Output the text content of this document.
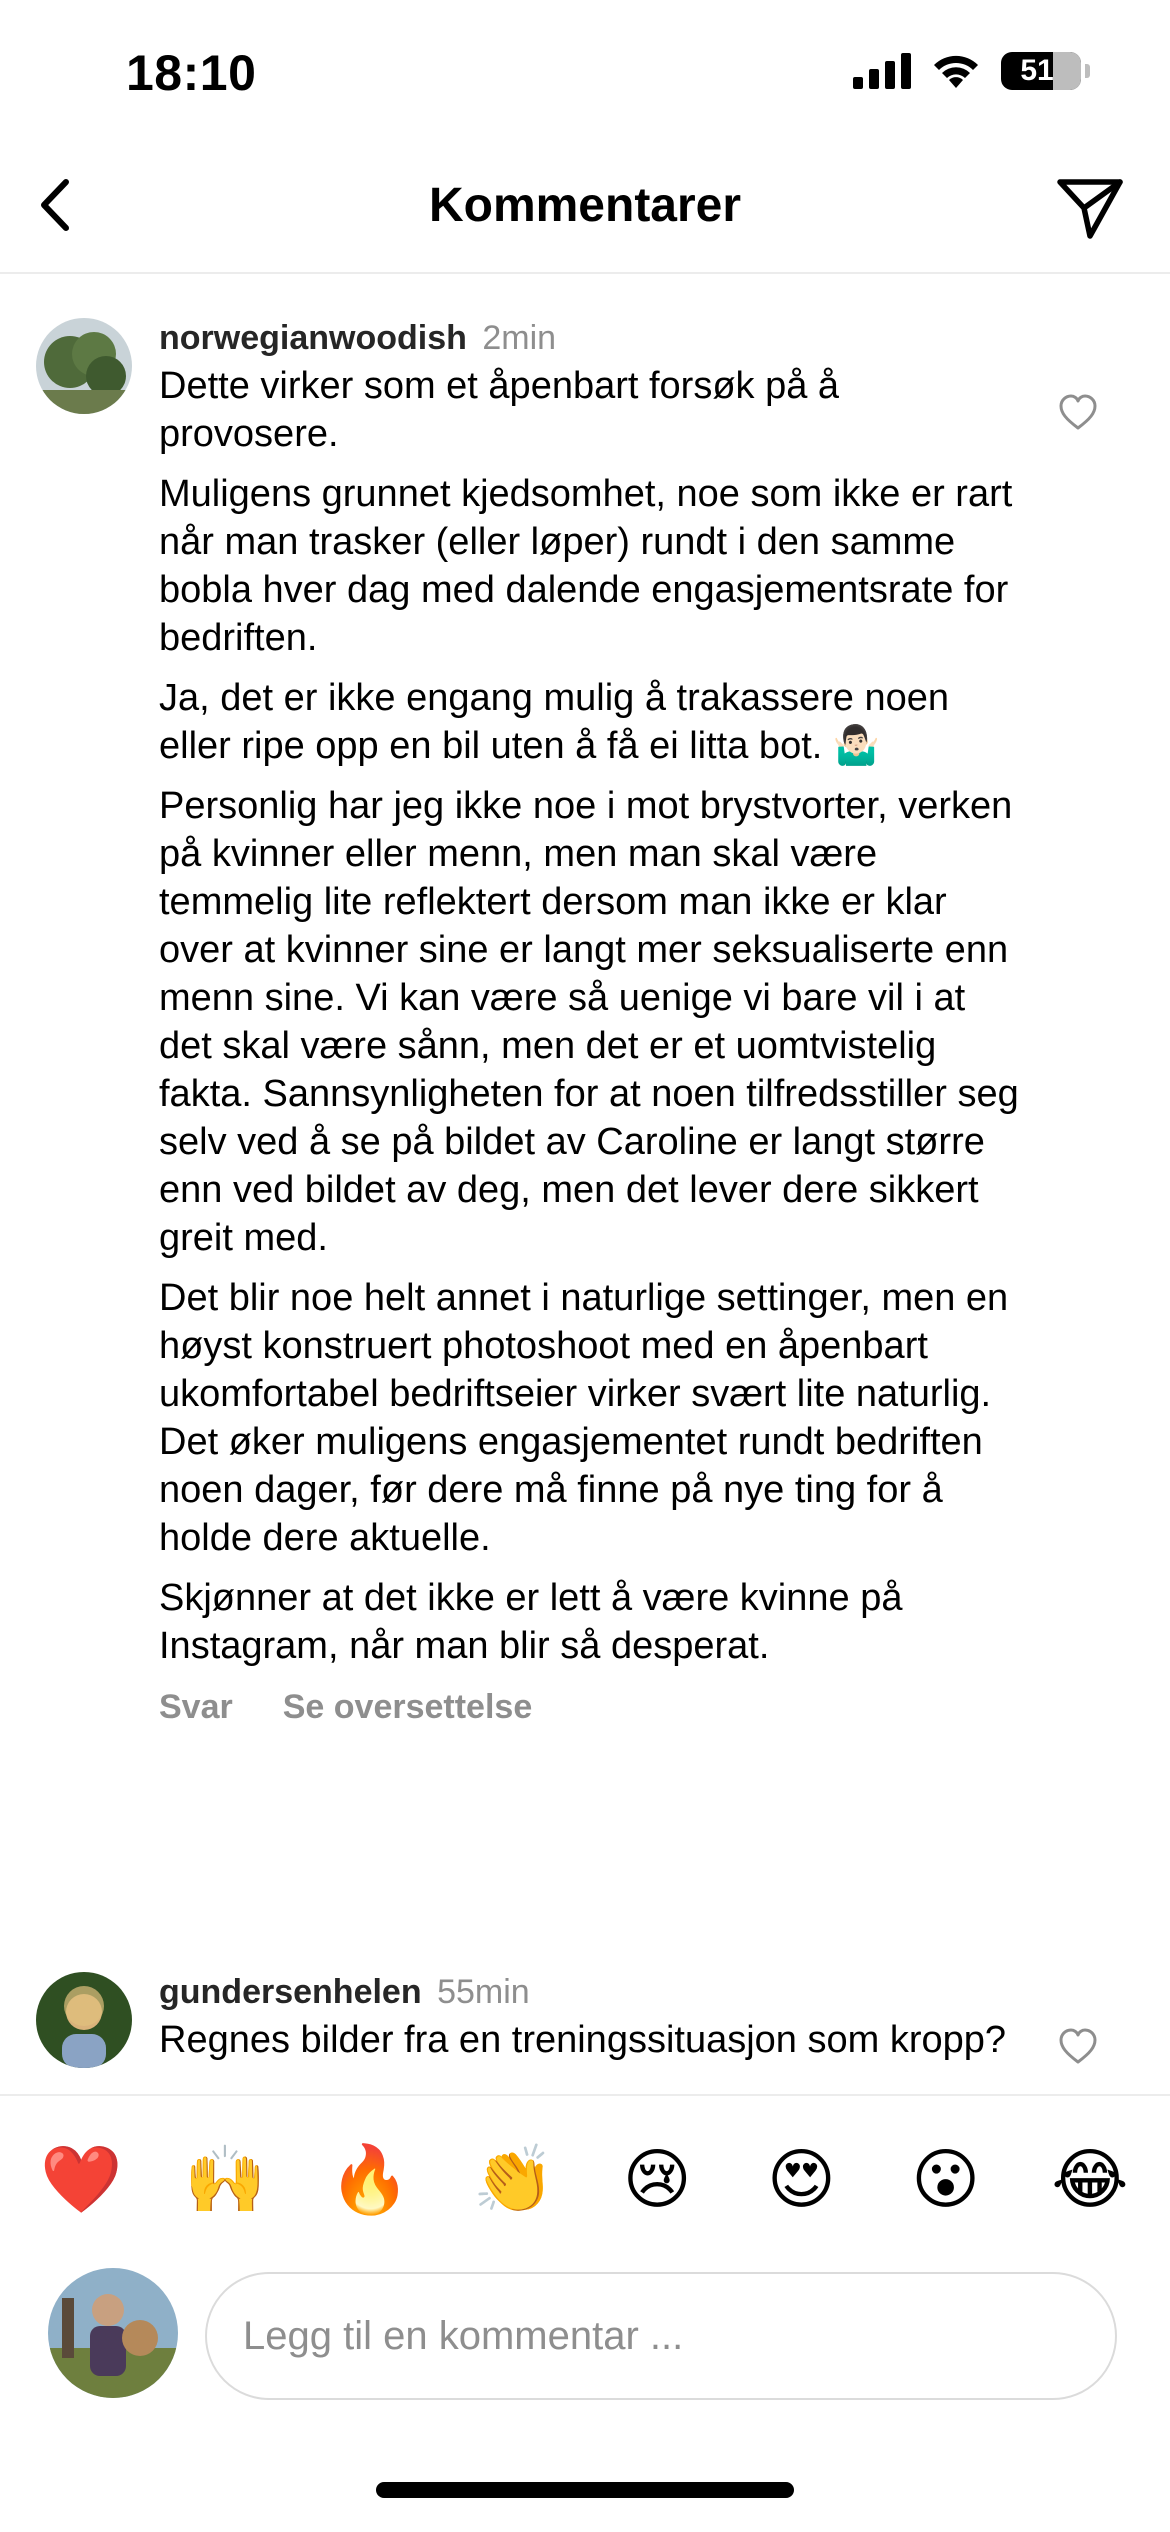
18:10	51
Kommentarer
norwegianwoodish 2min

Dette virker som et åpenbart forsøk på å provosere.

Muligens grunnet kjedsomhet, noe som ikke er rart når man trasker (eller løper) rundt i den samme bobla hver dag med dalende engasjementsrate for bedriften.

Ja, det er ikke engang mulig å trakassere noen eller ripe opp en bil uten å få ei litta bot. 🤷🏻‍♂️

Personlig har jeg ikke noe i mot brystvorter, verken på kvinner eller menn, men man skal være temmelig lite reflektert dersom man ikke er klar over at kvinner sine er langt mer seksualiserte enn menn sine. Vi kan være så uenige vi bare vil i at det skal være sånn, men det er et uomtvistelig fakta. Sannsynligheten for at noen tilfredsstiller seg selv ved å se på bildet av Caroline er langt større enn ved bildet av deg, men det lever dere sikkert greit med.

Det blir noe helt annet i naturlige settinger, men en høyst konstruert photoshoot med en åpenbart ukomfortabel bedriftseier virker svært lite naturlig. Det øker muligens engasjementet rundt bedriften noen dager, før dere må finne på nye ting for å holde dere aktuelle.

Skjønner at det ikke er lett å være kvinne på Instagram, når man blir så desperat.

Svar Se oversettelse
gundersenhelen 55min

Regnes bilder fra en treningssituasjon som kropp?

❤️ 🙌 🔥 👏 😢 😍 😮 😂
Legg til en kommentar ...
